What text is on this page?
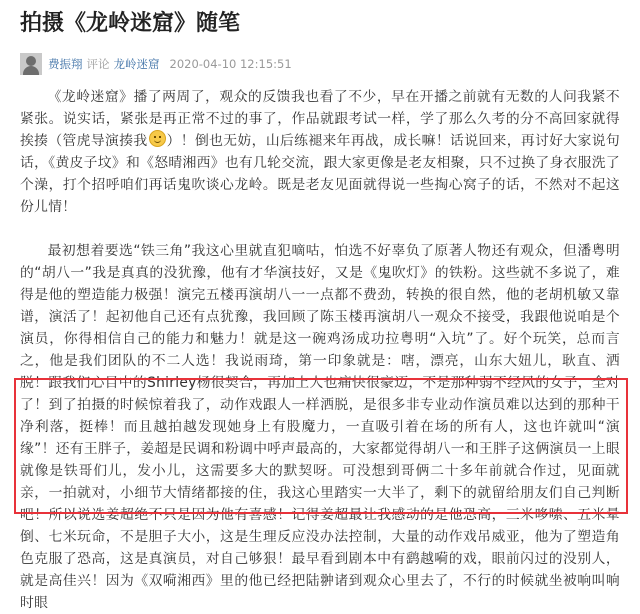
拍摄《龙岭迷窟》随笔
费振翔 评论 龙岭迷窟 2020-04-10 12:15:51

《龙岭迷窟》播了两周了，观众的反馈我也看了不少，早在开播之前就有无数的人问我紧不紧张。说实话，紧张是再正常不过的事了，作品就跟考试一样，学了那么久考的分不高回家就得挨揍（管虎导演揍我 ）！倒也无妨，山后练褪来年再战，成长嘛！话说回来，再讨好大家说句话，《黄皮子坟》和《怒晴湘西》也有几轮交流，跟大家更像是老友相聚，只不过换了身衣服洗了个澡，打个招呼咱们再话鬼吹谈心龙岭。既是老友见面就得说一些掏心窝子的话，不然对不起这份儿情！

最初想着要选“铁三角”我这心里就直犯嘀咕，怕选不好辜负了原著人物还有观众，但潘粤明的“胡八一”我是真真的没犹豫，他有才华演技好，又是《鬼吹灯》的铁粉。这些就不多说了，难得是他的塑造能力极强！演完五楼再演胡八一一点都不费劲，转换的很自然，他的老胡机敏又靠谱，演活了！起初他自己还有点犹豫，我回顾了陈玉楼再演胡八一观众不接受，我跟他说咱是个演员，你得相信自己的能力和魅力！就是这一碗鸡汤成功拉粤明“入坑”了。好个玩笑，总而言之，他是我们团队的不二人选！我说雨琦，第一印象就是：嗐，漂亮，山东大妞儿，耿直、洒脱！跟我们心目中的Shirley杨很契合，再加上人也痛快很豪迈，不是那种弱不经风的女子，全对了！到了拍摄的时候惊着我了，动作戏跟人一样洒脱，是很多非专业动作演员难以达到的那种干净利落，挺棒！而且越拍越发现她身上有股魔力，一直吸引着在场的所有人，这也许就叫“演缘”！还有王胖子，姜超是民调和粉调中呼声最高的，大家都觉得胡八一和王胖子这俩演员一上眼就像是铁哥们儿，发小儿，这需要多大的默契呀。可没想到哥俩二十多年前就合作过，见面就亲，一拍就对，小细节大情绪都接的住，我这心里踏实一大半了，剩下的就留给朋友们自己判断吧！所以说选姜超绝不只是因为他有喜感！记得姜超最让我感动的是他恐高，三米哆嗦、五米晕倒、七米玩命，不是胆子大小，这是生理反应没办法控制，大量的动作戏吊威亚，他为了塑造角色克服了恐高，这是真演员，对自己够狠！最早看到剧本中有鹞越嗬的戏，眼前闪过的没别人，就是高佳兴！因为《双嗬湘西》里的他已经把陆翀诸到观众心里去了，不行的时候就坐被响叫响时眼
